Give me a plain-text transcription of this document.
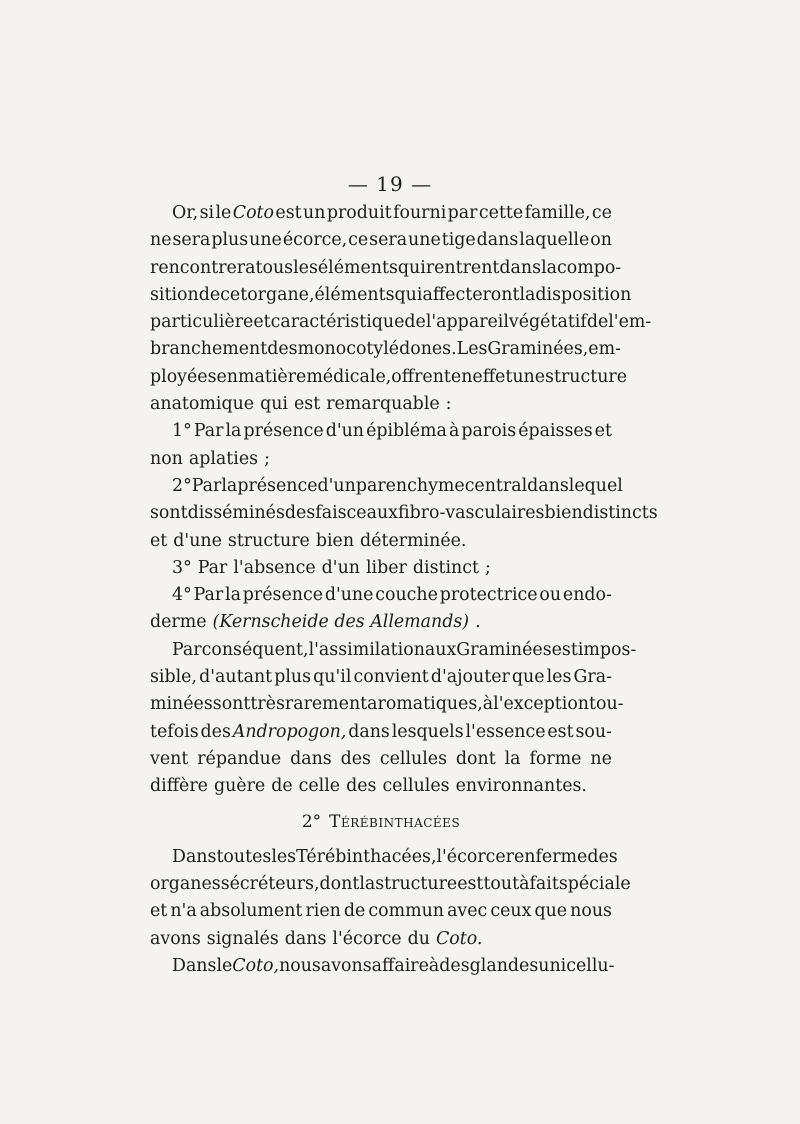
— 19 —
Or, si le Coto est un produit fourni par cette famille, ce
ne sera plus une écorce, ce sera une tige dans laquelle on
rencontrera tous les éléments qui rentrent dans la compo-
sition de cet organe, éléments qui affecteront la disposition
particulière et caractéristique de l'appareil végétatif de l'em-
branchement des monocotylédones. Les Graminées, em-
ployées en matière médicale, offrent en effet une structure
anatomique qui est remarquable :
1° Par la présence d'un épibléma à parois épaisses et
non aplaties ;
2° Par la présence d'un parenchyme central dans lequel
sont disséminés des faisceaux fibro-vasculaires bien distincts
et d'une structure bien déterminée.
3° Par l'absence d'un liber distinct ;
4° Par la présence d'une couche protectrice ou endo-
derme (Kernscheide des Allemands) .
Par conséquent, l'assimilation aux Graminées est impos-
sible, d'autant plus qu'il convient d'ajouter que les Gra-
minées sont très rarement aromatiques, à l'exception tou-
tefois des Andropogon, dans lesquels l'essence est sou-
vent répandue dans des cellules dont la forme ne
diffère guère de celle des cellules environnantes.
2° Térébinthacées
Dans toutes les Térébinthacées, l'écorce renferme des
organes sécréteurs, dont la structure est tout à fait spéciale
et n'a absolument rien de commun avec ceux que nous
avons signalés dans l'écorce du Coto.
Dans le Coto, nous avons affaire à des glandes unicellu-
